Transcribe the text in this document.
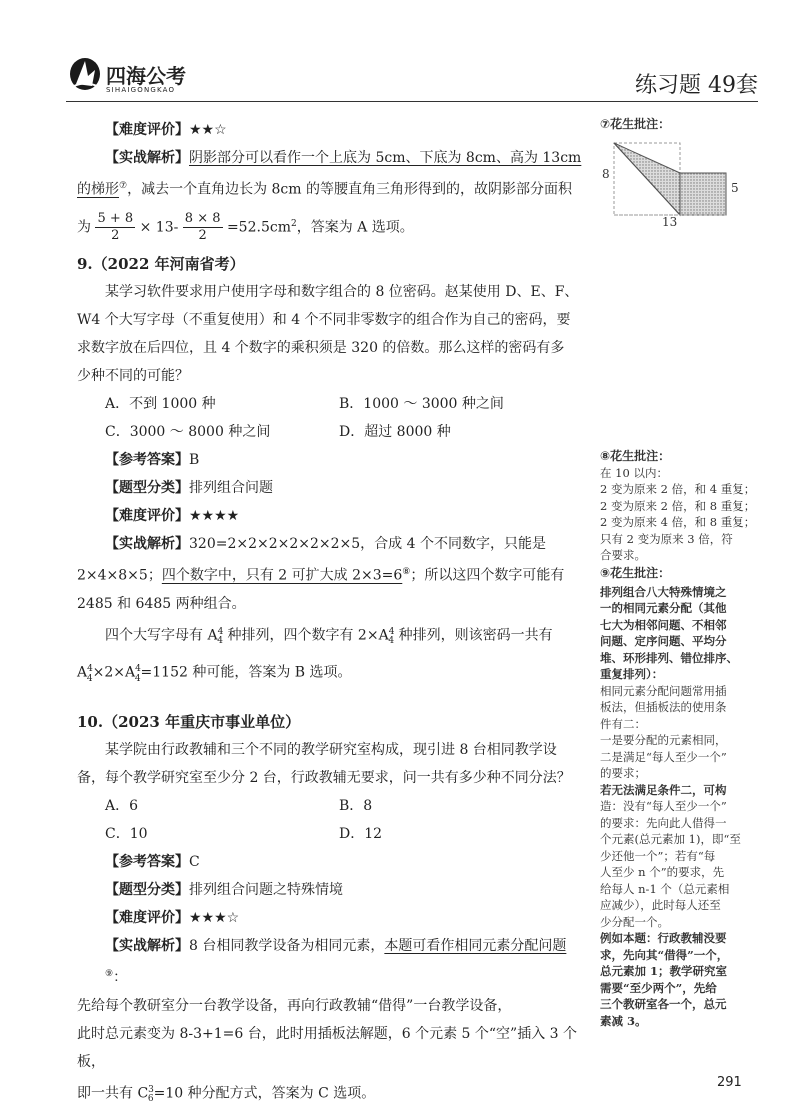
四海公考
SIHAIGONGKAO	练习题 49套

【难度评价】★★☆

【实战解析】阴影部分可以看作一个上底为 5cm、下底为 8cm、高为 13cm

的梯形⑦，减去一个直角边长为 8cm 的等腰直角三角形得到的，故阴影部分面积

为 $\frac{5 + 8}{2} \times 13- \frac{8 \times 8}{2} =52.5cm^2$，答案为 A 选项。

9.（2022 年河南省考）

某学习软件要求用户使用字母和数字组合的 8 位密码。赵某使用 D、E、F、

W4 个大写字母（不重复使用）和 4 个不同非零数字的组合作为自己的密码，要

求数字放在后四位，且 4 个数字的乘积须是 320 的倍数。那么这样的密码有多

少种不同的可能？

A．不到 1000 种	B．1000 ～ 3000 种之间
C．3000 ～ 8000 种之间	D．超过 8000 种

【参考答案】B

【题型分类】排列组合问题

【难度评价】★★★★

【实战解析】320=2×2×2×2×2×2×5，合成 4 个不同数字，只能是

2×4×8×5；四个数字中，只有 2 可扩大成 2×3=6⑧；所以这四个数字可能有

2485 和 6485 两种组合。

四个大写字母有 $A^4_4$ 种排列，四个数字有 $2\times A^4_4$ 种排列，则该密码一共有

$A^4_4\times 2\times A^4_4=1152$ 种可能，答案为 B 选项。

10.（2023 年重庆市事业单位）

某学院由行政教辅和三个不同的教学研究室构成，现引进 8 台相同教学设

备，每个教学研究室至少分 2 台，行政教辅无要求，问一共有多少种不同分法？

A．6	B．8
C．10	D．12

【参考答案】C

【题型分类】排列组合问题之特殊情境

【难度评价】★★★☆

【实战解析】8 台相同教学设备为相同元素，本题可看作相同元素分配问题⑨：

先给每个教研室分一台教学设备，再向行政教辅“借得”一台教学设备，

此时总元素变为 8-3+1=6 台，此时用插板法解题，6 个元素 5 个“空”插入 3 个板，

即一共有 $C^3_6=10$ 种分配方式，答案为 C 选项。

⑦花生批注：

8
5
13

⑧花生批注：

在 10 以内：

2 变为原来 2 倍，和 4 重复；

2 变为原来 2 倍，和 8 重复；

2 变为原来 4 倍，和 8 重复；

只有 2 变为原来 3 倍，符

合要求。

⑨花生批注：

排列组合八大特殊情境之

一的相同元素分配（其他

七大为相邻问题、不相邻

问题、定序问题、平均分

堆、环形排列、错位排序、

重复排列）：

相同元素分配问题常用插

板法，但插板法的使用条

件有二：

一是要分配的元素相同，

二是满足“每人至少一个”

的要求；

若无法满足条件二，可构

造：没有“每人至少一个”

的要求：先向此人借得一

个元素(总元素加 1)，即“至

少还他一个”；若有“每

人至少 n 个”的要求，先

给每人 n-1 个（总元素相

应减少），此时每人还至

少分配一个。

例如本题：行政教辅没要

求，先向其“借得”一个，

总元素加 1；教学研究室

需要“至少两个”，先给

三个教研室各一个，总元

素减 3。

291
